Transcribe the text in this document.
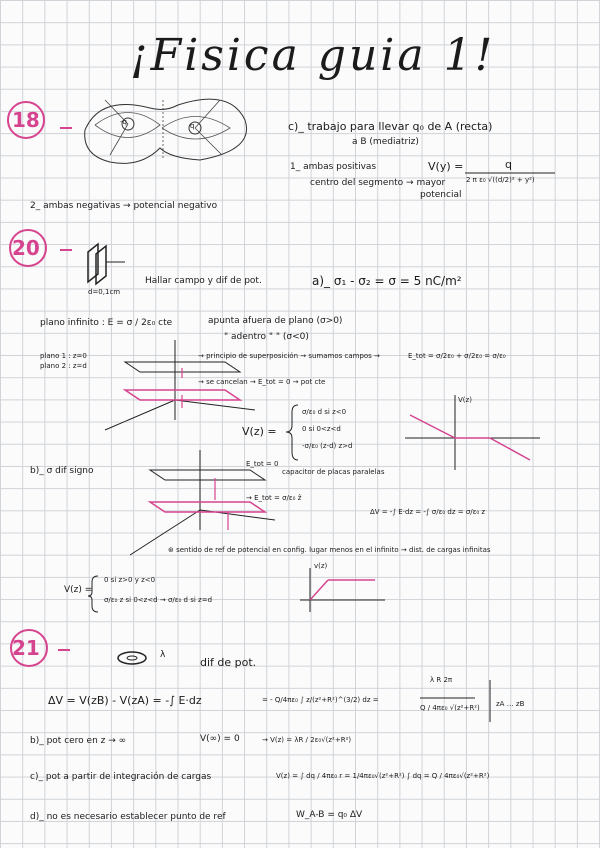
¡Fisica guia 1!
18	-q	q	c)_ trabajo para llevar q₀ de A (recta)
a B (mediatriz)
1_ ambas positivas
centro del segmento → mayor
potencial
V(y) =	q
2 π ε₀ √((d/2)² + y²)
2_ ambas negativas → potencial negativo
20
d=0,1cm
Hallar campo y dif de pot.	a)_ σ₁ - σ₂ = σ = 5 nC/m²
plano infinito : E = σ / 2ε₀ cte	apunta afuera de plano (σ>0)
" adentro " " (σ<0)
plano 1 : z=0
plano 2 : z=d
→ principio de superposición → sumamos campos →	E_tot = σ/2ε₀ + σ/2ε₀ = σ/ε₀
→ se cancelan → E_tot = 0 → pot cte
V(z) =
σ/ε₀ d si z<0
0 si 0<z<d
-σ/ε₀ (z-d) z>d
V(z)
b)_ σ dif signo
E_tot = 0
capacitor de placas paralelas
→ E_tot = σ/ε₀ ẑ
ΔV = -∫ E·dz = -∫ σ/ε₀ dz = σ/ε₀ z
⊛ sentido de ref de potencial en config. lugar menos en el infinito → dist. de cargas infinitas
V(z) =
0 si z>0 y z<0
σ/ε₀ z si 0<z<d → σ/ε₀ d si z=d
v(z)
21	λ
dif de pot.
ΔV = V(zB) - V(zA) = -∫ E·dz	= - Q/4πε₀ ∫ z/(z²+R²)^(3/2) dz =
λ R 2π
Q / 4πε₀ √(z²+R²) zA … zB
b)_ pot cero en z → ∞	V(∞) = 0	→ V(z) = λR / 2ε₀√(z²+R²)
c)_ pot a partir de integración de cargas	V(z) = ∫ dq / 4πε₀ r = 1/4πε₀√(z²+R²) ∫ dq = Q / 4πε₀√(z²+R²)
d)_ no es necesario establecer punto de ref	W_A-B = q₀ ΔV
